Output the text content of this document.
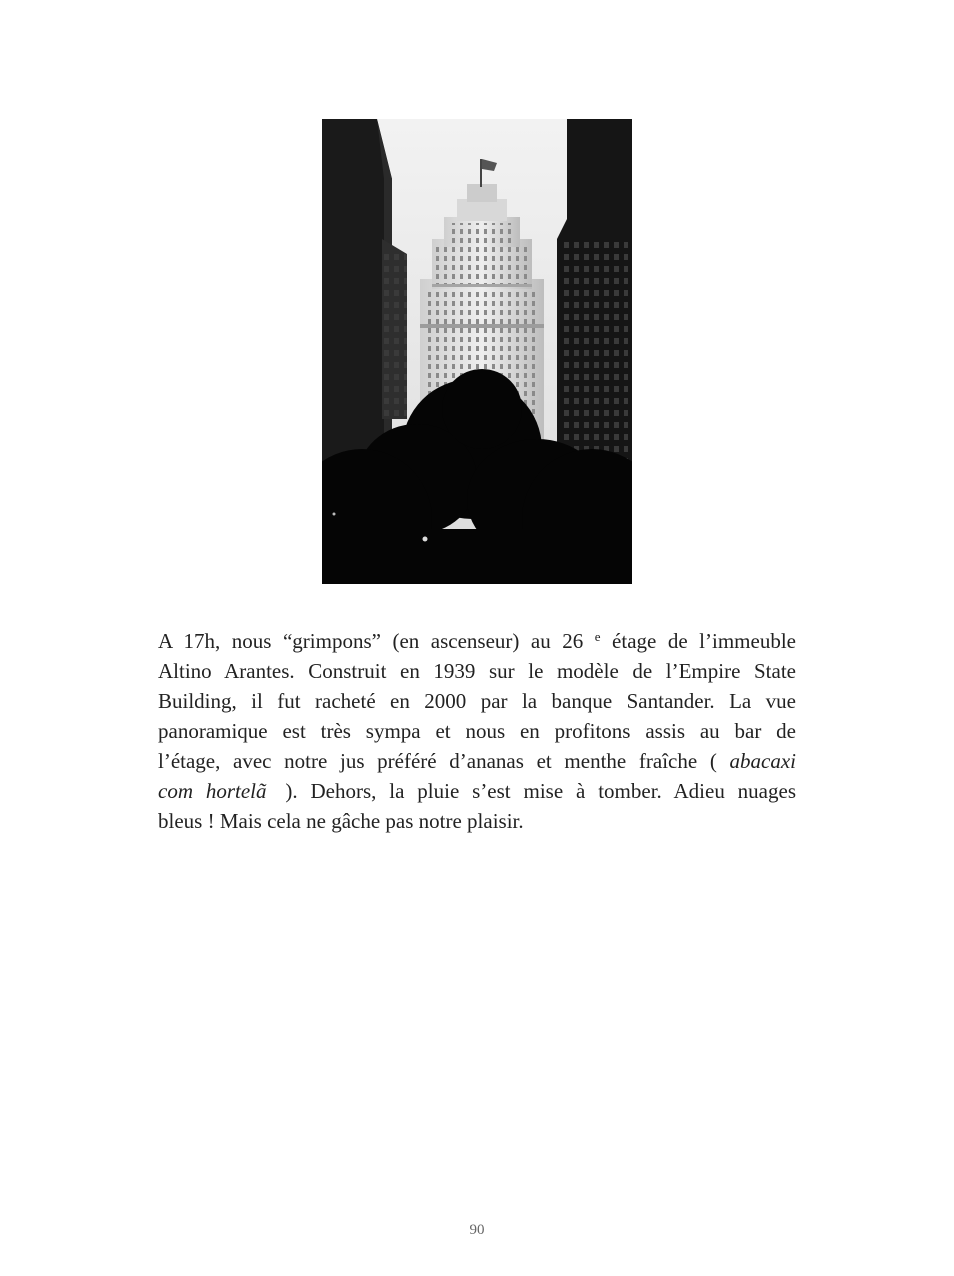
A 17h, nous “grimpons” (en ascenseur) au 26 $^e$ étage de l’immeuble
Altino Arantes. Construit en 1939 sur le modèle de l’Empire State
Building, il fut racheté en 2000 par la banque Santander. La vue
panoramique est très sympa et nous en profitons assis au bar de
l’étage, avec notre jus préféré d’ananas et menthe fraîche ( abacaxi
com hortelã ). Dehors, la pluie s’est mise à tomber. Adieu nuages
bleus ! Mais cela ne gâche pas notre plaisir.
90
